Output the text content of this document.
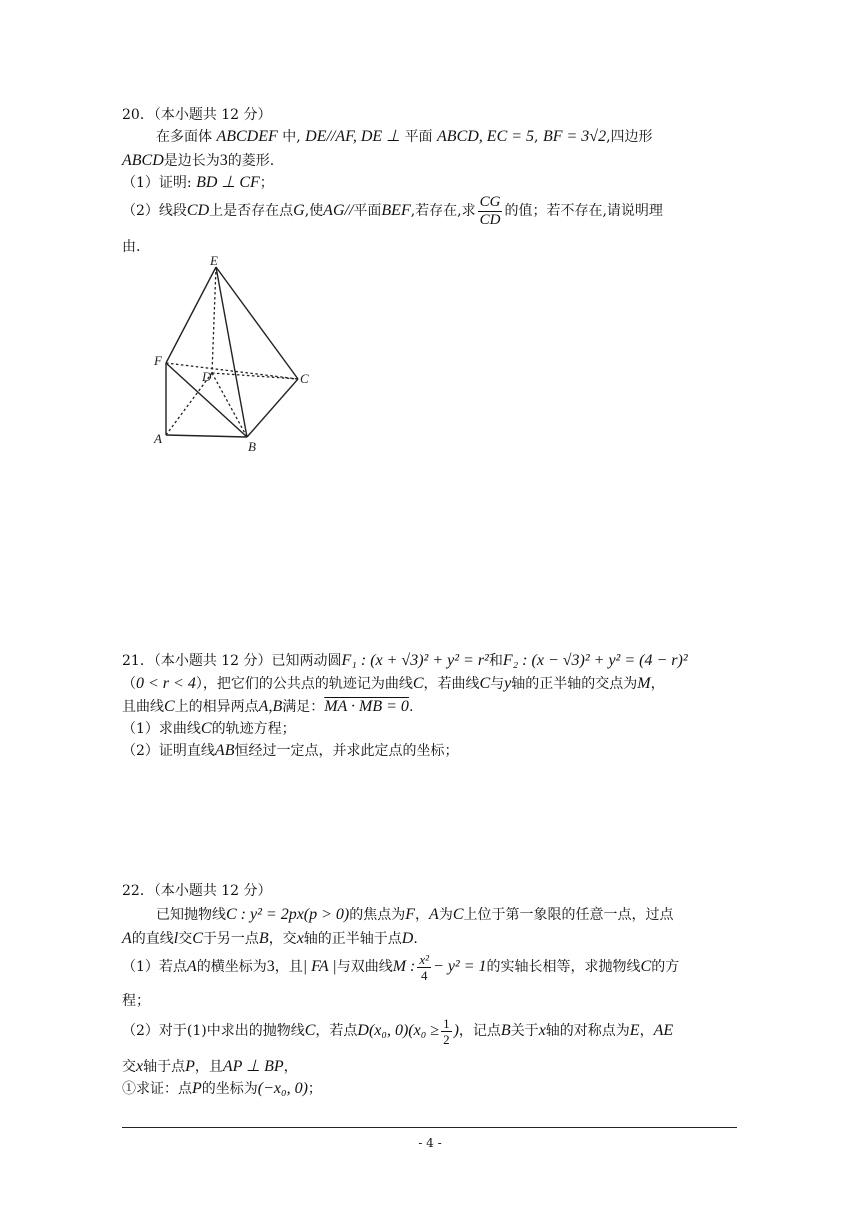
20．（本小题共 12 分）
在多面体 ABCDEF 中, DE//AF, DE ⊥ 平面 ABCD, EC = 5, BF = 3√2,四边形
ABCD是边长为3的菱形.
（1）证明: BD ⊥ CF；
（2）线段CD上是否存在点G,使AG//平面BEF,若存在,求 $\frac{CG}{CD}$ 的值；若不存在,请说明理
由.
E
F
D	C
A
B
21．（本小题共 12 分）已知两动圆F₁ : (x + √3)² + y² = r²和F₂ : (x − √3)² + y² = (4 − r)²
（0 < r < 4），把它们的公共点的轨迹记为曲线C，若曲线C与y轴的正半轴的交点为M，
且曲线C上的相异两点A,B满足：MA · MB = 0.
（1）求曲线C的轨迹方程；
（2）证明直线AB恒经过一定点，并求此定点的坐标；
22．（本小题共 12 分）
已知抛物线C : y² = 2px(p > 0)的焦点为F，A为C上位于第一象限的任意一点，过点
A的直线l交C于另一点B，交x轴的正半轴于点D.
（1）若点A的横坐标为3，且| FA |与双曲线M : $\frac{\text{x²}}{4} - y^2 = 1$的实轴长相等，求抛物线C的方
程；
（2）对于(1)中求出的抛物线C，若点D(x₀, $0)(x_0 \ge \frac{1}{2}$ )，记点B关于x轴的对称点为E，AE
交x轴于点P，且AP ⊥ BP，
①求证：点P的坐标为(−x₀, 0)；
- 4 -
